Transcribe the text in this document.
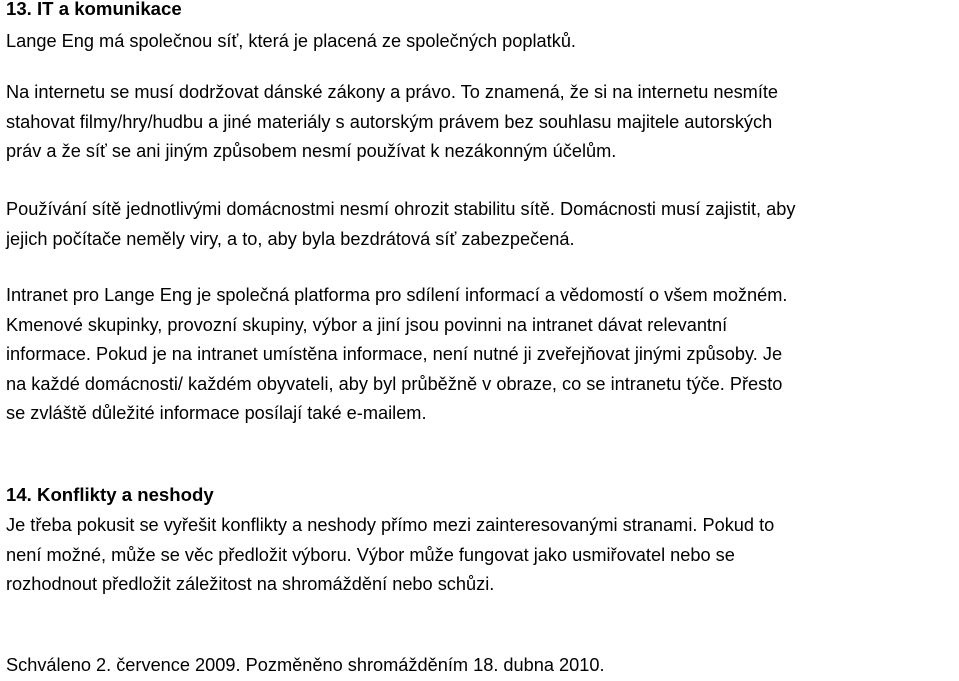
13. IT a komunikace
Lange Eng má společnou síť, která je placená ze společných poplatků.
Na internetu se musí dodržovat dánské zákony a právo. To znamená, že si na internetu nesmíte
stahovat filmy/hry/hudbu a jiné materiály s autorským právem bez souhlasu majitele autorských
práv a že síť se ani jiným způsobem nesmí používat k nezákonným účelům.
Používání sítě jednotlivými domácnostmi nesmí ohrozit stabilitu sítě. Domácnosti musí zajistit, aby
jejich počítače neměly viry, a to, aby byla bezdrátová síť zabezpečená.
Intranet pro Lange Eng je společná platforma pro sdílení informací a vědomostí o všem možném.
Kmenové skupinky, provozní skupiny, výbor a jiní jsou povinni na intranet dávat relevantní
informace. Pokud je na intranet umístěna informace, není nutné ji zveřejňovat jinými způsoby. Je
na každé domácnosti/ každém obyvateli, aby byl průběžně v obraze, co se intranetu týče. Přesto
se zvláště důležité informace posílají také e-mailem.
14. Konflikty a neshody
Je třeba pokusit se vyřešit konflikty a neshody přímo mezi zainteresovanými stranami. Pokud to
není možné, může se věc předložit výboru. Výbor může fungovat jako usmiřovatel nebo se
rozhodnout předložit záležitost na shromáždění nebo schůzi.
Schváleno 2. července 2009. Pozměněno shromážděním 18. dubna 2010.
